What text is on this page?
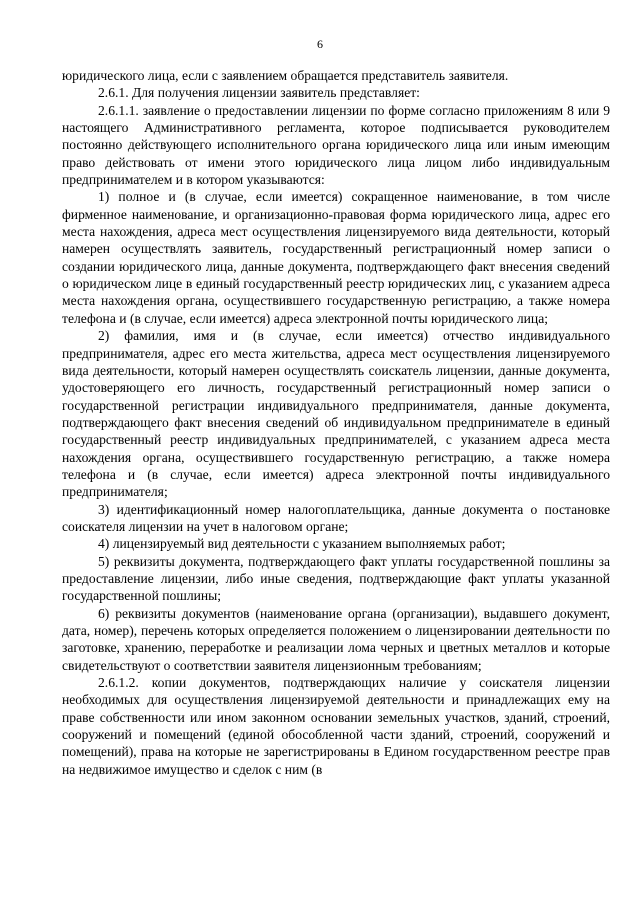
6

юридического лица, если с заявлением обращается представитель заявителя.

2.6.1. Для получения лицензии заявитель представляет:

2.6.1.1. заявление о предоставлении лицензии по форме согласно приложениям 8 или 9 настоящего Административного регламента, которое подписывается руководителем постоянно действующего исполнительного органа юридического лица или иным имеющим право действовать от имени этого юридического лица лицом либо индивидуальным предпринимателем и в котором указываются:

1) полное и (в случае, если имеется) сокращенное наименование, в том числе фирменное наименование, и организационно-правовая форма юридического лица, адрес его места нахождения, адреса мест осуществления лицензируемого вида деятельности, который намерен осуществлять заявитель, государственный регистрационный номер записи о создании юридического лица, данные документа, подтверждающего факт внесения сведений о юридическом лице в единый государственный реестр юридических лиц, с указанием адреса места нахождения органа, осуществившего государственную регистрацию, а также номера телефона и (в случае, если имеется) адреса электронной почты юридического лица;

2) фамилия, имя и (в случае, если имеется) отчество индивидуального предпринимателя, адрес его места жительства, адреса мест осуществления лицензируемого вида деятельности, который намерен осуществлять соискатель лицензии, данные документа, удостоверяющего его личность, государственный регистрационный номер записи о государственной регистрации индивидуального предпринимателя, данные документа, подтверждающего факт внесения сведений об индивидуальном предпринимателе в единый государственный реестр индивидуальных предпринимателей, с указанием адреса места нахождения органа, осуществившего государственную регистрацию, а также номера телефона и (в случае, если имеется) адреса электронной почты индивидуального предпринимателя;

3) идентификационный номер налогоплательщика, данные документа о постановке соискателя лицензии на учет в налоговом органе;

4) лицензируемый вид деятельности с указанием выполняемых работ;

5) реквизиты документа, подтверждающего факт уплаты государственной пошлины за предоставление лицензии, либо иные сведения, подтверждающие факт уплаты указанной государственной пошлины;

6) реквизиты документов (наименование органа (организации), выдавшего документ, дата, номер), перечень которых определяется положением о лицензировании деятельности по заготовке, хранению, переработке и реализации лома черных и цветных металлов и которые свидетельствуют о соответствии заявителя лицензионным требованиям;

2.6.1.2. копии документов, подтверждающих наличие у соискателя лицензии необходимых для осуществления лицензируемой деятельности и принадлежащих ему на праве собственности или ином законном основании земельных участков, зданий, строений, сооружений и помещений (единой обособленной части зданий, строений, сооружений и помещений), права на которые не зарегистрированы в Едином государственном реестре прав на недвижимое имущество и сделок с ним (в
